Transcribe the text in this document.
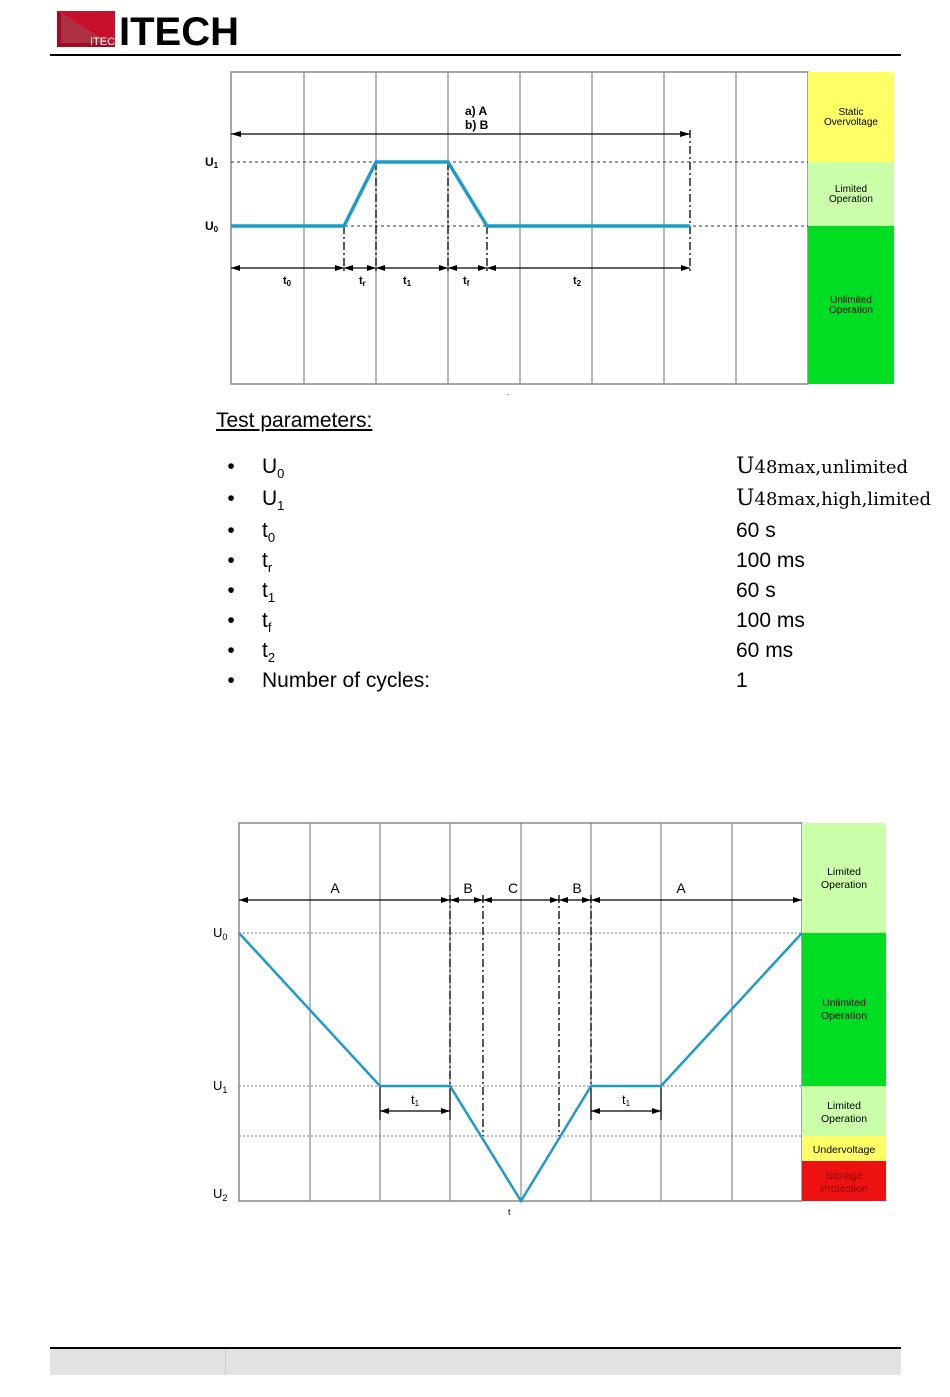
ITECH
ITECH
Static
Overvoltage
Limited
Operation
Unlimited
Operation
a) A
b) B
t0	tr	t1	tf	t2
U1
U0
.
Test parameters:
• $U_0$	U48max,unlimited
• $U_1$	U48max,high,limited
• $t_0$	60 s
• $t_r$	100 ms
• $t_1$	60 s
• $t_f$	100 ms
• $t_2$	60 ms
• Number of cycles:	1
Limited
Operation
Unlimited
Operation
Limited
Operation
Undervoltage
Storage
Protection
A	B	C	B	A
t1	t1
$U_0$
$U_1$
$U_2$
t
